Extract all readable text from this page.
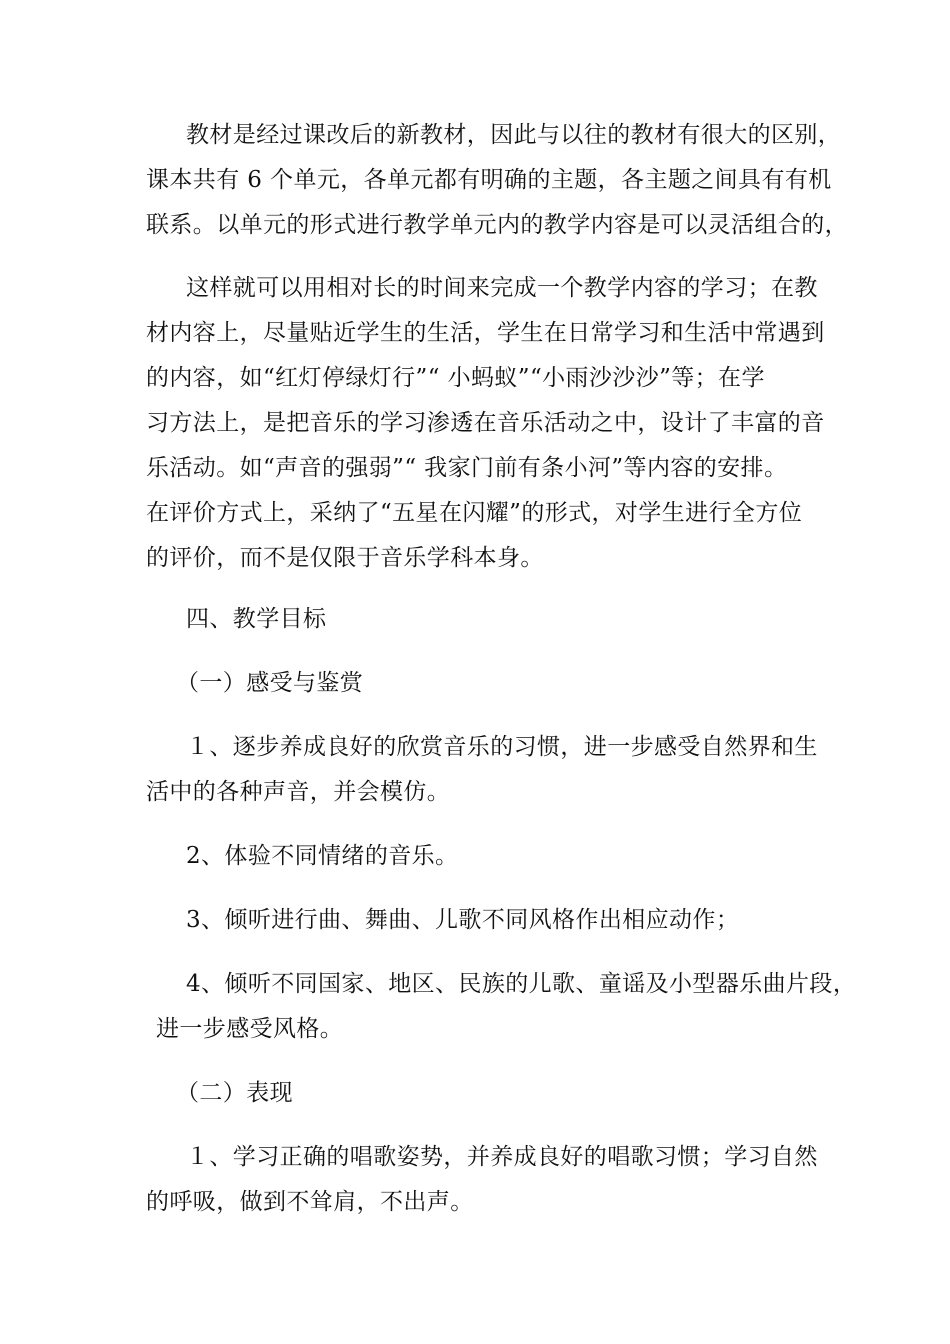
教材是经过课改后的新教材，因此与以往的教材有很大的区别，
课本共有 6 个单元，各单元都有明确的主题，各主题之间具有有机
联系。以单元的形式进行教学单元内的教学内容是可以灵活组合的，
这样就可以用相对长的时间来完成一个教学内容的学习；在教
材内容上，尽量贴近学生的生活，学生在日常学习和生活中常遇到
的内容，如“红灯停绿灯行”“ 小蚂蚁”“小雨沙沙沙”等；在学
习方法上，是把音乐的学习渗透在音乐活动之中，设计了丰富的音
乐活动。如“声音的强弱”“ 我家门前有条小河”等内容的安排。
在评价方式上，采纳了“五星在闪耀”的形式，对学生进行全方位
的评价，而不是仅限于音乐学科本身。
四、教学目标
（一）感受与鉴赏
１、逐步养成良好的欣赏音乐的习惯，进一步感受自然界和生
活中的各种声音，并会模仿。
2、体验不同情绪的音乐。
3、倾听进行曲、舞曲、儿歌不同风格作出相应动作；
4、倾听不同国家、地区、民族的儿歌、童谣及小型器乐曲片段，
进一步感受风格。
（二）表现
１、学习正确的唱歌姿势，并养成良好的唱歌习惯；学习自然
的呼吸，做到不耸肩，不出声。
